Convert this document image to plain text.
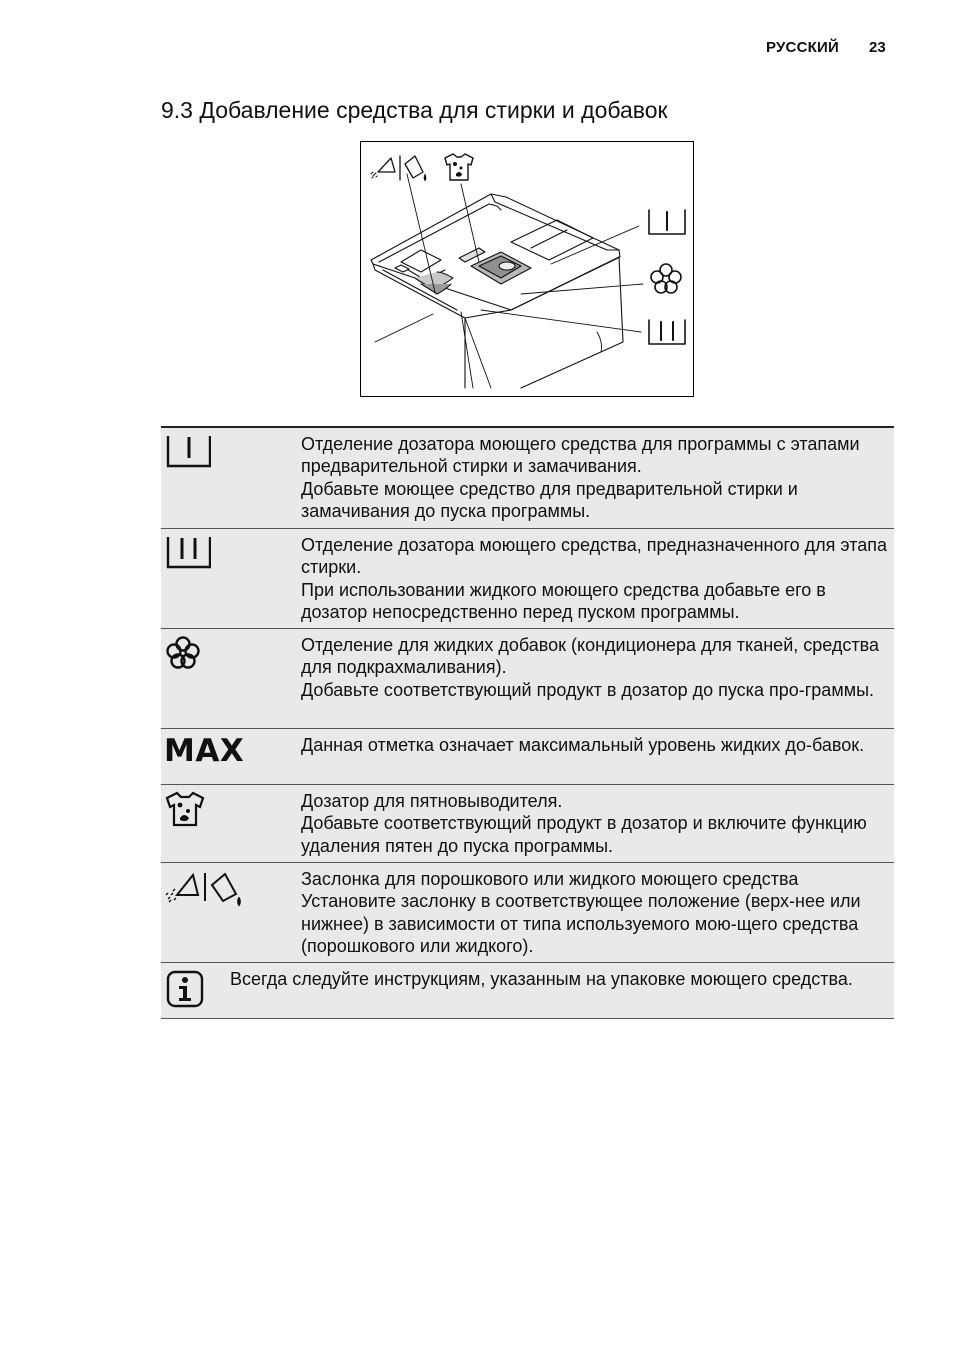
РУССКИЙ 23
9.3 Добавление средства для стирки и добавок

Отделение дозатора моющего средства для программы с этапами предварительной стирки и замачивания.

Добавьте моющее средство для предварительной стирки и замачивания до пуска программы.

Отделение дозатора моющего средства, предназначенного для этапа стирки.

При использовании жидкого моющего средства добавьте его в дозатор непосредственно перед пуском программы.

Отделение для жидких добавок (кондиционера для тканей, средства для подкрахмаливания).

Добавьте соответствующий продукт в дозатор до пуска про-граммы.

MAX	Данная отметка означает максимальный уровень жидких до-бавок.

Дозатор для пятновыводителя.

Добавьте соответствующий продукт в дозатор и включите функцию удаления пятен до пуска программы.

Заслонка для порошкового или жидкого моющего средства

Установите заслонку в соответствующее положение (верх-нее или нижнее) в зависимости от типа используемого мою-щего средства (порошкового или жидкого).

Всегда следуйте инструкциям, указанным на упаковке моющего средства.
